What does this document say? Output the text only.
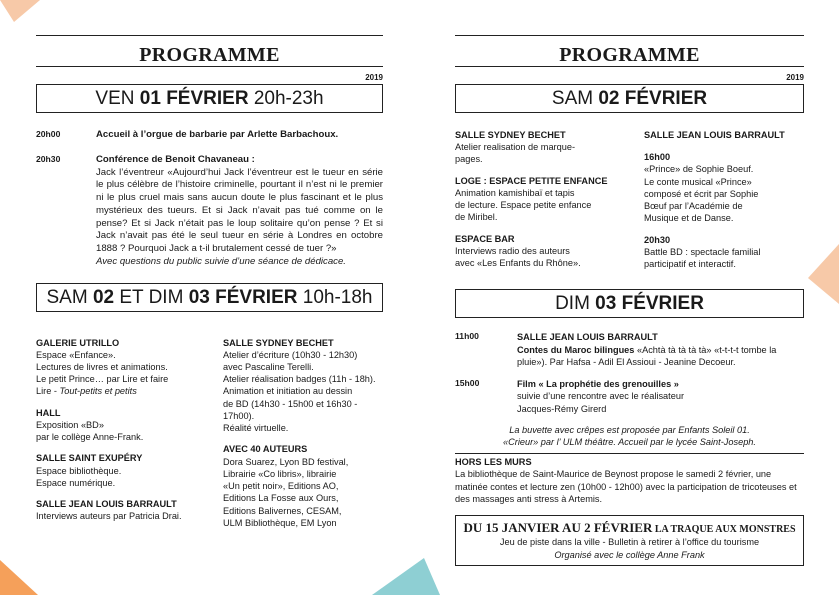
PROGRAMME
2019
VEN 01 FÉVRIER 20h-23h
20h00	Accueil à l’orgue de barbarie par Arlette Barbachoux.
20h30	Conférence de Benoit Chavaneau :
Jack l’éventreur «Aujourd’hui Jack l’éventreur est le tueur en série le plus célèbre de l’histoire criminelle, pourtant il n’est ni le premier ni le plus cruel mais sans aucun doute le plus fascinant et le plus mystérieux des tueurs. Et si Jack n’avait pas tué comme on le pense? Et si Jack n’était pas le loup solitaire qu’on pense ? Et si Jack n’avait pas été le seul tueur en série à Londres en octobre 1888 ? Pourquoi Jack a t-il brutalement cessé de tuer ?»
Avec questions du public suivie d’une séance de dédicace.
SAM 02 ET DIM 03 FÉVRIER 10h-18h
GALERIE UTRILLO
Espace «Enfance».
Lectures de livres et animations.
Le petit Prince… par Lire et faire
Lire - Tout-petits et petits
HALL
Exposition «BD»
par le collège Anne-Frank.
SALLE SAINT EXUPÉRY
Espace bibliothèque.
Espace numérique.
SALLE JEAN LOUIS BARRAULT
Interviews auteurs par Patricia Drai.
SALLE SYDNEY BECHET
Atelier d’écriture (10h30 - 12h30)
avec Pascaline Terelli.
Atelier réalisation badges (11h - 18h).
Animation et initiation au dessin
de BD (14h30 - 15h00 et 16h30 - 17h00).
Réalité virtuelle.
AVEC 40 AUTEURS
Dora Suarez, Lyon BD festival,
Librairie «Co libris», librairie
«Un petit noir», Editions AO,
Editions La Fosse aux Ours,
Editions Balivernes, CESAM,
ULM Bibliothèque, EM Lyon
PROGRAMME
2019
SAM 02 FÉVRIER
SALLE SYDNEY BECHET
Atelier realisation de marque-
pages.
LOGE : ESPACE PETITE ENFANCE
Animation kamishibaï et tapis
de lecture. Espace petite enfance
de Miribel.
ESPACE BAR
Interviews radio des auteurs
avec «Les Enfants du Rhône».
SALLE JEAN LOUIS BARRAULT
16h00
«Prince» de Sophie Boeuf.
Le conte musical «Prince»
composé et écrit par Sophie
Bœuf par l’Académie de
Musique et de Danse.
20h30
Battle BD : spectacle familial
participatif et interactif.
DIM 03 FÉVRIER
11h00	SALLE JEAN LOUIS BARRAULT
Contes du Maroc bilingues «Achtà tà tà tà tà» «t-t-t-t tombe la pluie»). Par Hafsa - Adil El Assioui - Jeanine Decoeur.
15h00	Film « La prophétie des grenouilles »
suivie d’une rencontre avec le réalisateur
Jacques-Rémy Girerd
La buvette avec crêpes est proposée par Enfants Soleil 01.
«Crieur» par l’ ULM théâtre. Accueil par le lycée Saint-Joseph.
HORS LES MURS
La bibliothèque de Saint-Maurice de Beynost propose le samedi 2 février, une matinée contes et lecture zen (10h00 - 12h00) avec la participation de tricoteuses et des massages anti stress à Artemis.
DU 15 JANVIER AU 2 FÉVRIER LA TRAQUE AUX MONSTRES
Jeu de piste dans la ville - Bulletin à retirer à l’office du tourisme
Organisé avec le collège Anne Frank
